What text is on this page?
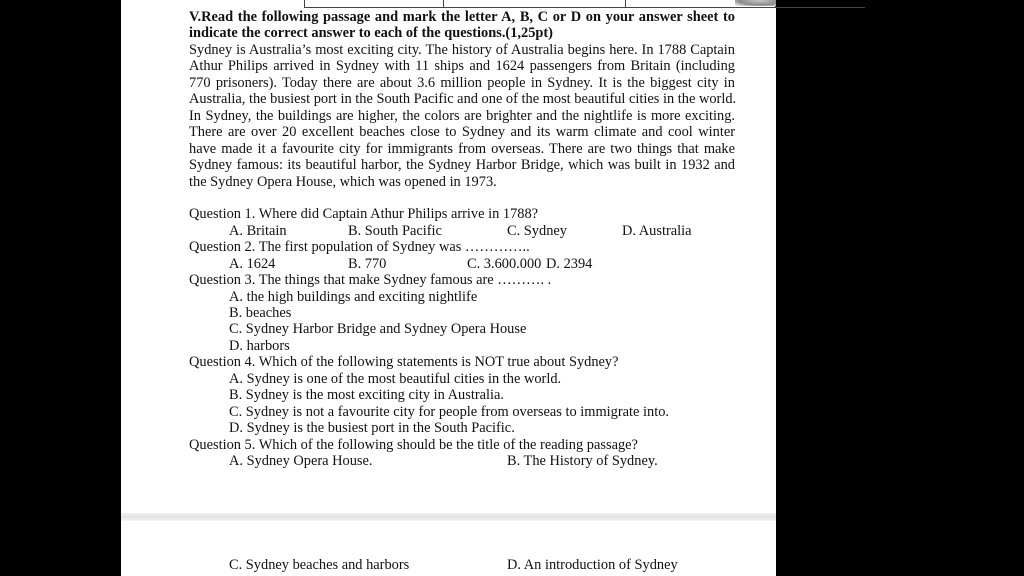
V.Read the following passage and mark the letter A, B, C or D on your answer sheet to
indicate the correct answer to each of the questions.(1,25pt)
Sydney is Australia’s most exciting city. The history of Australia begins here. In 1788 Captain
Athur Philips arrived in Sydney with 11 ships and 1624 passengers from Britain (including
770 prisoners). Today there are about 3.6 million people in Sydney. It is the biggest city in
Australia, the busiest port in the South Pacific and one of the most beautiful cities in the world.
In Sydney, the buildings are higher, the colors are brighter and the nightlife is more exciting.
There are over 20 excellent beaches close to Sydney and its warm climate and cool winter
have made it a favourite city for immigrants from overseas. There are two things that make
Sydney famous: its beautiful harbor, the Sydney Harbor Bridge, which was built in 1932 and
the Sydney Opera House, which was opened in 1973.
Question 1. Where did Captain Athur Philips arrive in 1788?
A. Britain	B. South Pacific	C. Sydney	D. Australia
Question 2. The first population of Sydney was …………..
A. 1624	B. 770	C. 3.600.000 D. 2394
Question 3. The things that make Sydney famous are ………. .
A. the high buildings and exciting nightlife
B. beaches
C. Sydney Harbor Bridge and Sydney Opera House
D. harbors
Question 4. Which of the following statements is NOT true about Sydney?
A. Sydney is one of the most beautiful cities in the world.
B. Sydney is the most exciting city in Australia.
C. Sydney is not a favourite city for people from overseas to immigrate into.
D. Sydney is the busiest port in the South Pacific.
Question 5. Which of the following should be the title of the reading passage?
A. Sydney Opera House.	B. The History of Sydney.
C. Sydney beaches and harbors	D. An introduction of Sydney
